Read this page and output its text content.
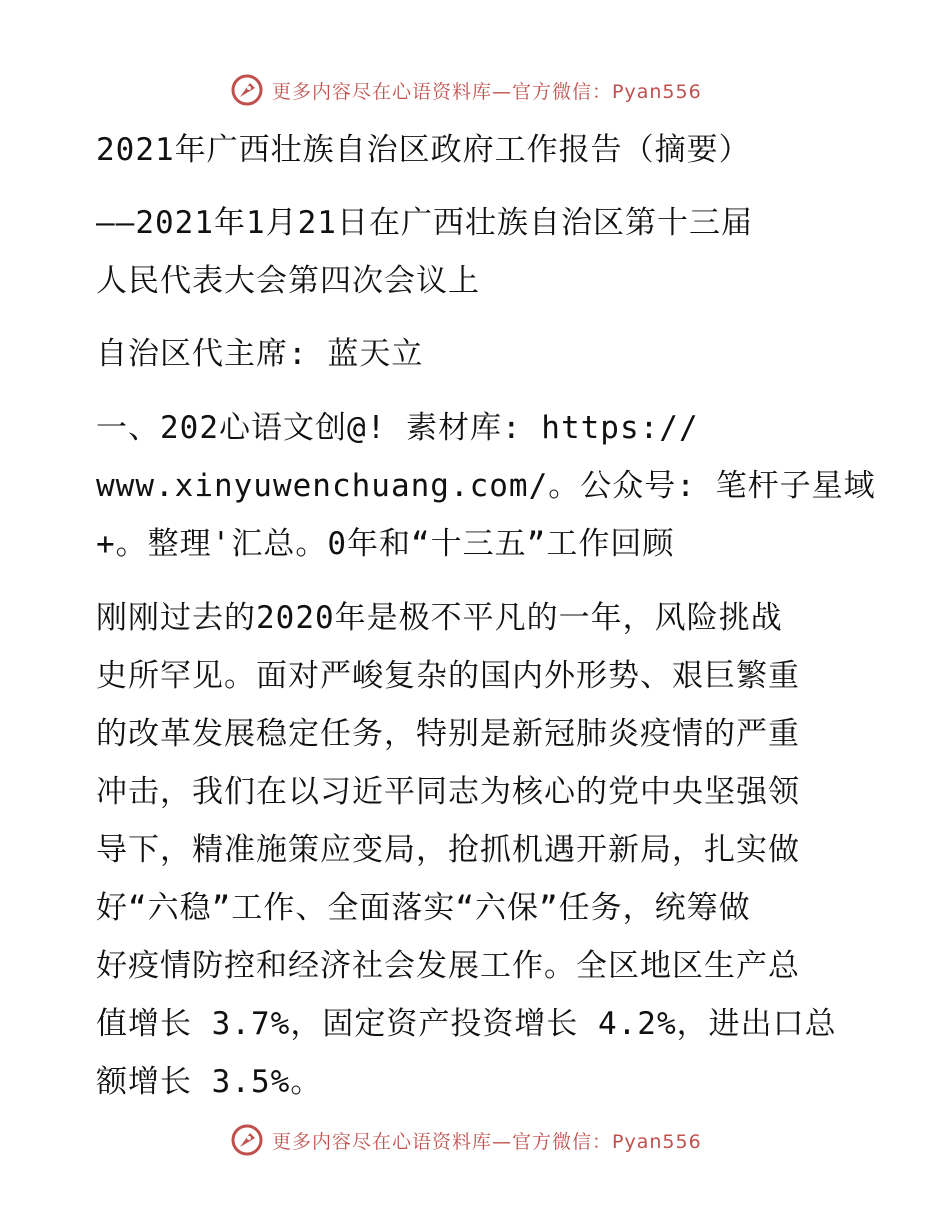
更多内容尽在心语资料库—官方微信：Pyan556
2021年广西壮族自治区政府工作报告（摘要）
——2021年1月21日在广西壮族自治区第十三届
人民代表大会第四次会议上
自治区代主席: 蓝天立
一、202心语文创@! 素材库: https://
www.xinyuwenchuang.com/。公众号: 笔杆子星域
+。整理'汇总。0年和“十三五”工作回顾
刚刚过去的2020年是极不平凡的一年，风险挑战
史所罕见。面对严峻复杂的国内外形势、艰巨繁重
的改革发展稳定任务，特别是新冠肺炎疫情的严重
冲击，我们在以习近平同志为核心的党中央坚强领
导下，精准施策应变局，抢抓机遇开新局，扎实做
好“六稳”工作、全面落实“六保”任务，统筹做
好疫情防控和经济社会发展工作。全区地区生产总
值增长 3.7%，固定资产投资增长 4.2%，进出口总
额增长 3.5%。
更多内容尽在心语资料库—官方微信：Pyan556
